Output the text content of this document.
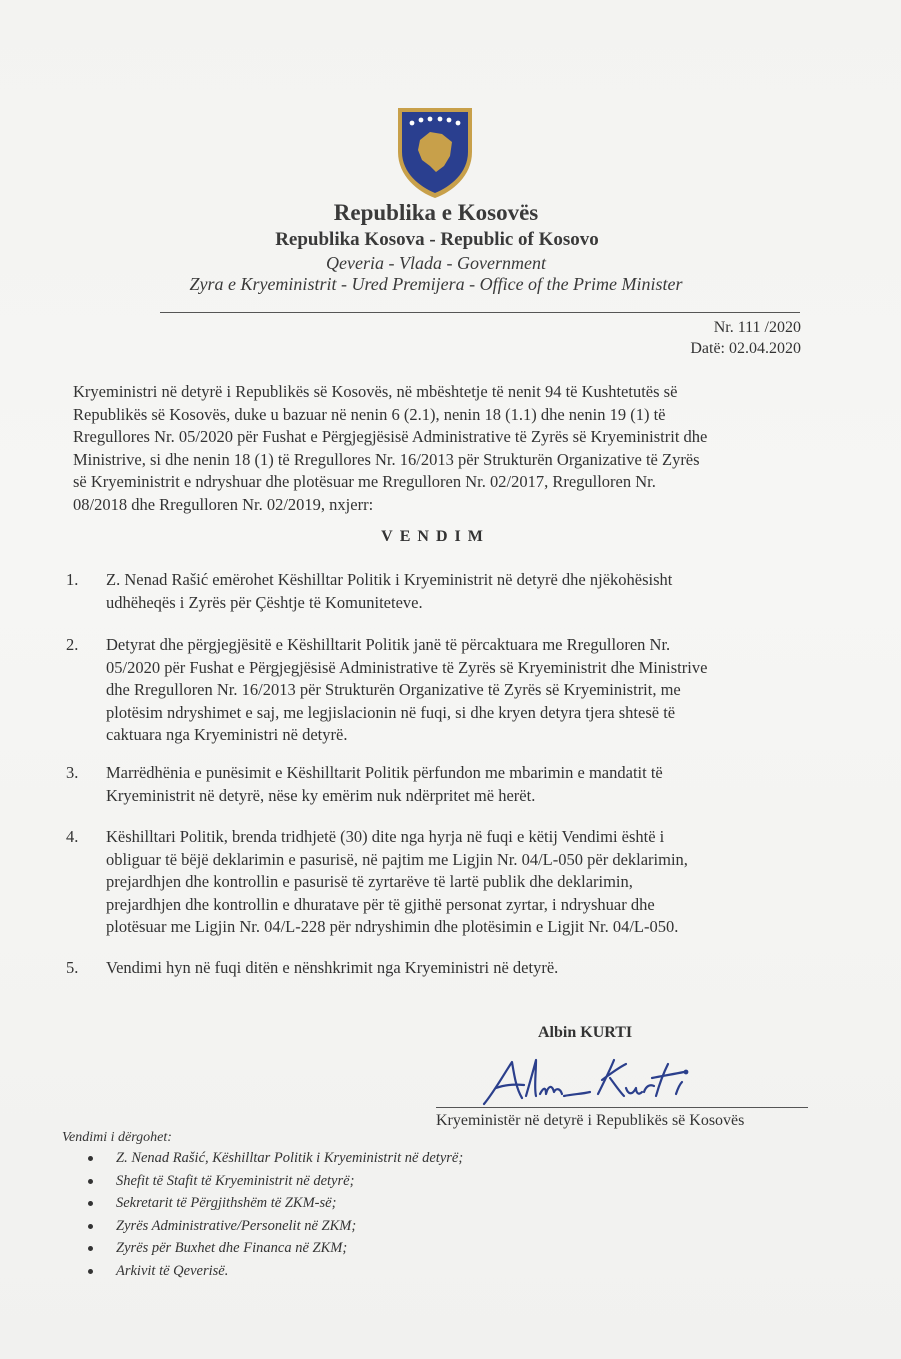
Republika e Kosovës
Republika Kosova - Republic of Kosovo
Qeveria - Vlada - Government
Zyra e Kryeministrit - Ured Premijera - Office of the Prime Minister
Nr. 111 /2020
Datë: 02.04.2020
Kryeministri në detyrë i Republikës së Kosovës, në mbështetje të nenit 94 të Kushtetutës së
Republikës së Kosovës, duke u bazuar në nenin 6 (2.1), nenin 18 (1.1) dhe nenin 19 (1) të
Rregullores Nr. 05/2020 për Fushat e Përgjegjësisë Administrative të Zyrës së Kryeministrit dhe
Ministrive, si dhe nenin 18 (1) të Rregullores Nr. 16/2013 për Strukturën Organizative të Zyrës
së Kryeministrit e ndryshuar dhe plotësuar me Rregulloren Nr. 02/2017, Rregulloren Nr.
08/2018 dhe Rregulloren Nr. 02/2019, nxjerr:
VENDIM
1.	Z. Nenad Rašić emërohet Këshilltar Politik i Kryeministrit në detyrë dhe njëkohësisht
udhëheqës i Zyrës për Çështje të Komuniteteve.
2.	Detyrat dhe përgjegjësitë e Këshilltarit Politik janë të përcaktuara me Rregulloren Nr.
05/2020 për Fushat e Përgjegjësisë Administrative të Zyrës së Kryeministrit dhe Ministrive
dhe Rregulloren Nr. 16/2013 për Strukturën Organizative të Zyrës së Kryeministrit, me
plotësim ndryshimet e saj, me legjislacionin në fuqi, si dhe kryen detyra tjera shtesë të
caktuara nga Kryeministri në detyrë.
3.	Marrëdhënia e punësimit e Këshilltarit Politik përfundon me mbarimin e mandatit të
Kryeministrit në detyrë, nëse ky emërim nuk ndërpritet më herët.
4.	Këshilltari Politik, brenda tridhjetë (30) dite nga hyrja në fuqi e këtij Vendimi është i
obliguar të bëjë deklarimin e pasurisë, në pajtim me Ligjin Nr. 04/L-050 për deklarimin,
prejardhjen dhe kontrollin e pasurisë të zyrtarëve të lartë publik dhe deklarimin,
prejardhjen dhe kontrollin e dhuratave për të gjithë personat zyrtar, i ndryshuar dhe
plotësuar me Ligjin Nr. 04/L-228 për ndryshimin dhe plotësimin e Ligjit Nr. 04/L-050.
5.	Vendimi hyn në fuqi ditën e nënshkrimit nga Kryeministri në detyrë.
Albin KURTI
Kryeministër në detyrë i Republikës së Kosovës
Vendimi i dërgohet:
Z. Nenad Rašić, Këshilltar Politik i Kryeministrit në detyrë;
Shefit të Stafit të Kryeministrit në detyrë;
Sekretarit të Përgjithshëm të ZKM-së;
Zyrës Administrative/Personelit në ZKM;
Zyrës për Buxhet dhe Financa në ZKM;
Arkivit të Qeverisë.
